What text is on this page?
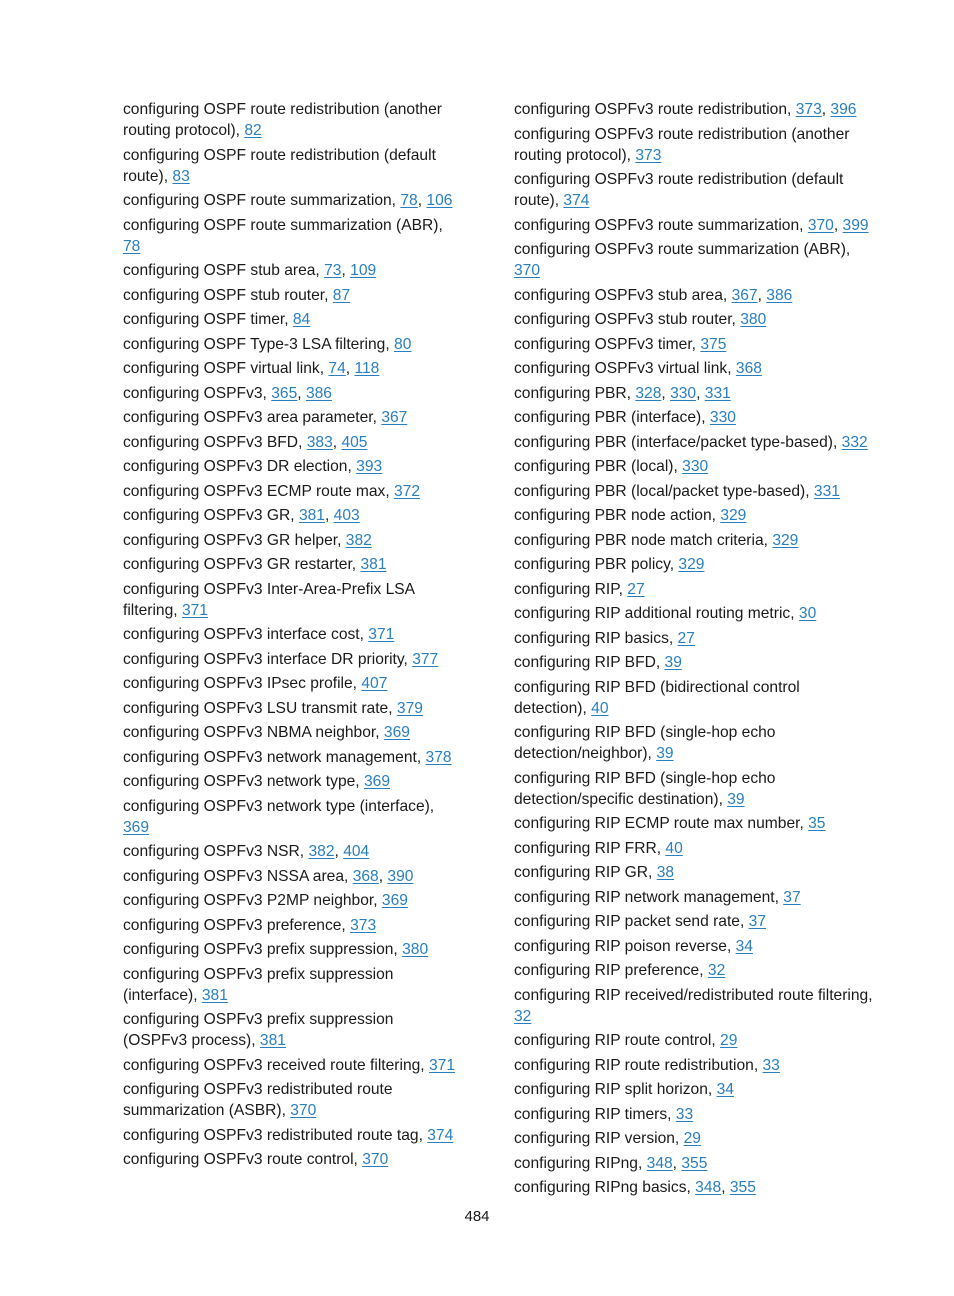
configuring OSPF route redistribution (another routing protocol), 82
configuring OSPF route redistribution (default route), 83
configuring OSPF route summarization, 78, 106
configuring OSPF route summarization (ABR), 78
configuring OSPF stub area, 73, 109
configuring OSPF stub router, 87
configuring OSPF timer, 84
configuring OSPF Type-3 LSA filtering, 80
configuring OSPF virtual link, 74, 118
configuring OSPFv3, 365, 386
configuring OSPFv3 area parameter, 367
configuring OSPFv3 BFD, 383, 405
configuring OSPFv3 DR election, 393
configuring OSPFv3 ECMP route max, 372
configuring OSPFv3 GR, 381, 403
configuring OSPFv3 GR helper, 382
configuring OSPFv3 GR restarter, 381
configuring OSPFv3 Inter-Area-Prefix LSA filtering, 371
configuring OSPFv3 interface cost, 371
configuring OSPFv3 interface DR priority, 377
configuring OSPFv3 IPsec profile, 407
configuring OSPFv3 LSU transmit rate, 379
configuring OSPFv3 NBMA neighbor, 369
configuring OSPFv3 network management, 378
configuring OSPFv3 network type, 369
configuring OSPFv3 network type (interface), 369
configuring OSPFv3 NSR, 382, 404
configuring OSPFv3 NSSA area, 368, 390
configuring OSPFv3 P2MP neighbor, 369
configuring OSPFv3 preference, 373
configuring OSPFv3 prefix suppression, 380
configuring OSPFv3 prefix suppression (interface), 381
configuring OSPFv3 prefix suppression (OSPFv3 process), 381
configuring OSPFv3 received route filtering, 371
configuring OSPFv3 redistributed route summarization (ASBR), 370
configuring OSPFv3 redistributed route tag, 374
configuring OSPFv3 route control, 370
configuring OSPFv3 route redistribution, 373, 396
configuring OSPFv3 route redistribution (another routing protocol), 373
configuring OSPFv3 route redistribution (default route), 374
configuring OSPFv3 route summarization, 370, 399
configuring OSPFv3 route summarization (ABR), 370
configuring OSPFv3 stub area, 367, 386
configuring OSPFv3 stub router, 380
configuring OSPFv3 timer, 375
configuring OSPFv3 virtual link, 368
configuring PBR, 328, 330, 331
configuring PBR (interface), 330
configuring PBR (interface/packet type-based), 332
configuring PBR (local), 330
configuring PBR (local/packet type-based), 331
configuring PBR node action, 329
configuring PBR node match criteria, 329
configuring PBR policy, 329
configuring RIP, 27
configuring RIP additional routing metric, 30
configuring RIP basics, 27
configuring RIP BFD, 39
configuring RIP BFD (bidirectional control detection), 40
configuring RIP BFD (single-hop echo detection/neighbor), 39
configuring RIP BFD (single-hop echo detection/specific destination), 39
configuring RIP ECMP route max number, 35
configuring RIP FRR, 40
configuring RIP GR, 38
configuring RIP network management, 37
configuring RIP packet send rate, 37
configuring RIP poison reverse, 34
configuring RIP preference, 32
configuring RIP received/redistributed route filtering, 32
configuring RIP route control, 29
configuring RIP route redistribution, 33
configuring RIP split horizon, 34
configuring RIP timers, 33
configuring RIP version, 29
configuring RIPng, 348, 355
configuring RIPng basics, 348, 355
484
